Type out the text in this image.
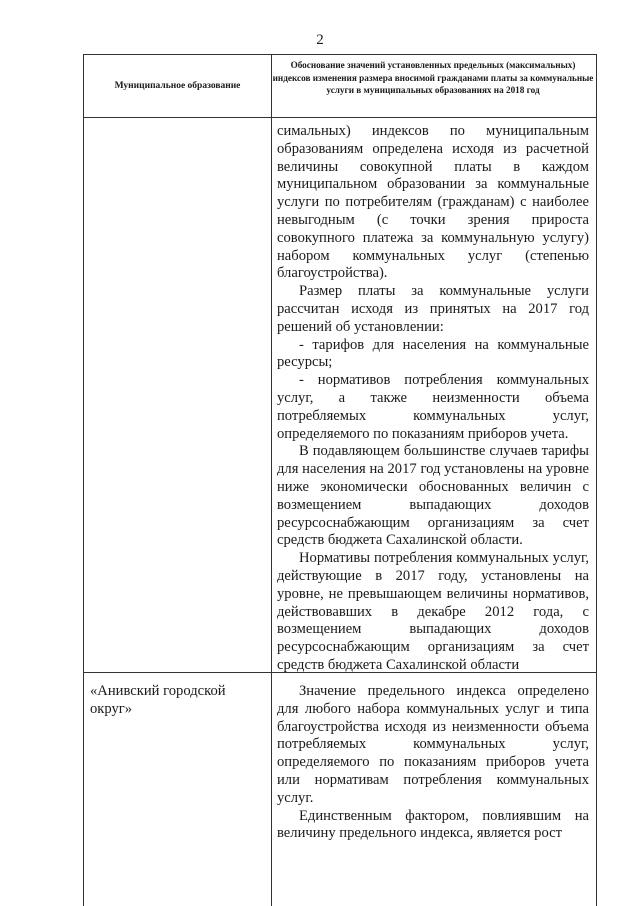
2
Муниципальное образование
Обоснование значений установленных предельных (максимальных) индексов изменения размера вносимой гражданами платы за коммунальные услуги в муниципальных образованиях на 2018 год

симальных) индексов по муниципальным образованиям определена исходя из расчетной величины совокупной платы в каждом муниципальном образовании за коммунальные услуги по потребителям (гражданам) с наиболее невыгодным (с точки зрения прироста совокупного платежа за коммунальную услугу) набором коммунальных услуг (степенью благоустройства).

Размер платы за коммунальные услуги рассчитан исходя из принятых на 2017 год решений об установлении:

- тарифов для населения на коммунальные ресурсы;

- нормативов потребления коммунальных услуг, а также неизменности объема потребляемых коммунальных услуг, определяемого по показаниям приборов учета.

В подавляющем большинстве случаев тарифы для населения на 2017 год установлены на уровне ниже экономически обоснованных величин с возмещением выпадающих доходов ресурсоснабжающим организациям за счет средств бюджета Сахалинской области.

Нормативы потребления коммунальных услуг, действующие в 2017 году, установлены на уровне, не превышающем величины нормативов, действовавших в декабре 2012 года, с возмещением выпадающих доходов ресурсоснабжающим организациям за счет средств бюджета Сахалинской области

«Анивский городской округ»

Значение предельного индекса определено для любого набора коммунальных услуг и типа благоустройства исходя из неизменности объема потребляемых коммунальных услуг, определяемого по показаниям приборов учета или нормативам потребления коммунальных услуг.

Единственным фактором, повлиявшим на величину предельного индекса, является рост
